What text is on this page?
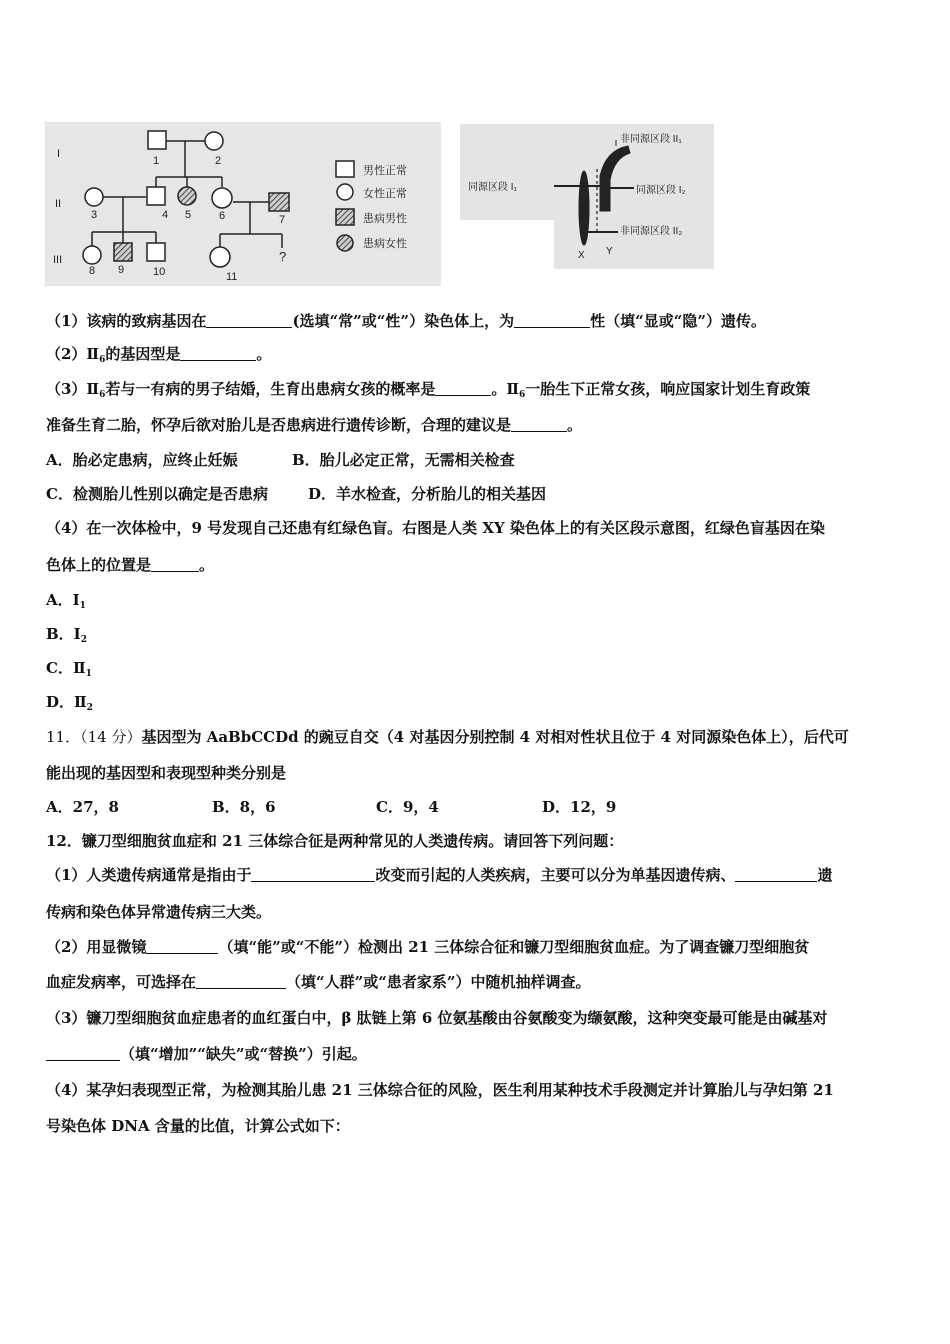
I
II
III
1	2
3	4 5	6	7
8 9	10	11
?
男性正常
女性正常
患病男性
患病女性
同源区段 I₁
非同源区段 II₁
同源区段 I₂
非同源区段 II₂
X Y
（1）该病的致病基因在	(选填“常”或“性”）染色体上，为	性（填“显或“隐”）遗传。
$(2)Ⅱ_6$的基因型是	。
$(3)Ⅱ_6$若与一有病的男子结婚，生育出患病女孩的概率是	。$Ⅱ_6$一胎生下正常女孩，响应国家计划生育政策
准备生育二胎，怀孕后欲对胎儿是否患病进行遗传诊断，合理的建议是	。
A．胎必定患病，应终止妊娠	B．胎儿必定正常，无需相关检查
C．检测胎儿性别以确定是否患病	D．羊水检查，分析胎儿的相关基因
（4）在一次体检中，9 号发现自己还患有红绿色盲。右图是人类 XY 染色体上的有关区段示意图，红绿色盲基因在染
色体上的位置是	。
A．$I_1$
B．$I_2$
C．$Ⅱ_1$
D．$Ⅱ_2$
11．（14 分）基因型为 AaBbCCDd 的豌豆自交（4 对基因分别控制 4 对相对性状且位于 4 对同源染色体上），后代可
能出现的基因型和表现型种类分别是
A．27，8	B．8，6	C．9，4	D．12，9
12．镰刀型细胞贫血症和 21 三体综合征是两种常见的人类遗传病。请回答下列问题：
（1）人类遗传病通常是指由于	改变而引起的人类疾病，主要可以分为单基因遗传病、	遗
传病和染色体异常遗传病三大类。
（2）用显微镜	（填“能”或“不能”）检测出 21 三体综合征和镰刀型细胞贫血症。为了调查镰刀型细胞贫
血症发病率，可选择在	（填“人群”或“患者家系”）中随机抽样调查。
（3）镰刀型细胞贫血症患者的血红蛋白中，β 肽链上第 6 位氨基酸由谷氨酸变为缬氨酸，这种突变最可能是由碱基对
（填“增加”“缺失”或“替换”）引起。
（4）某孕妇表现型正常，为检测其胎儿患 21 三体综合征的风险，医生利用某种技术手段测定并计算胎儿与孕妇第 21
号染色体 DNA 含量的比值，计算公式如下：
